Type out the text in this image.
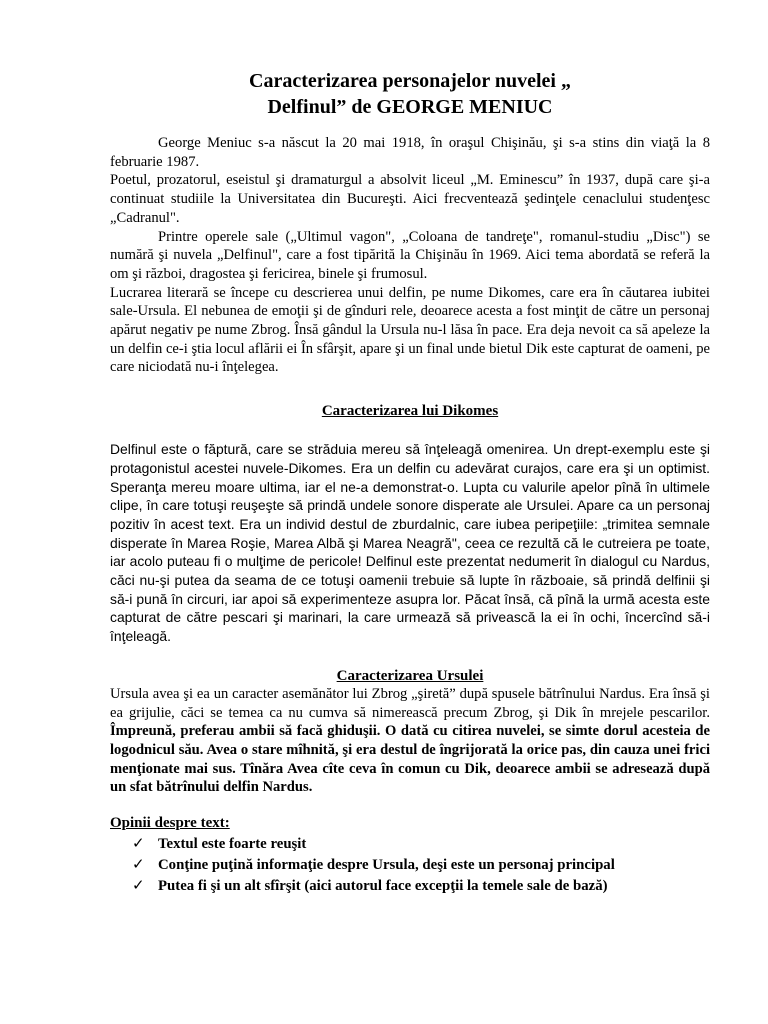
Caracterizarea personajelor nuvelei „
Delfinul” de GEORGE MENIUC

George Meniuc s-a născut la 20 mai 1918, în oraşul Chişinău, şi s-a stins din viaţă la 8 februarie 1987.

Poetul, prozatorul, eseistul şi dramaturgul a absolvit liceul „M. Eminescu” în 1937, după care şi-a continuat studiile la Universitatea din Bucureşti. Aici frecventează şedinţele cenaclului studenţesc „Cadranul".

Printre operele sale („Ultimul vagon", „Coloana de tandreţe", romanul-studiu „Disc") se numără şi nuvela „Delfinul", care a fost tipărită la Chişinău în 1969. Aici tema abordată se referă la om şi război, dragostea şi fericirea, binele şi frumosul.

Lucrarea literară se începe cu descrierea unui delfin, pe nume Dikomes, care era în căutarea iubitei sale-Ursula. El nebunea de emoţii şi de gînduri rele, deoarece acesta a fost minţit de către un personaj apărut negativ pe nume Zbrog. Însă gândul la Ursula nu-l lăsa în pace. Era deja nevoit ca să apeleze la un delfin ce-i ştia locul aflării ei În sfârşit, apare şi un final unde bietul Dik este capturat de oameni, pe care niciodată nu-i înţelegea.

Caracterizarea lui Dikomes

Delfinul este o făptură, care se străduia mereu să înţeleagă omenirea. Un drept-exemplu este şi protagonistul acestei nuvele-Dikomes. Era un delfin cu adevărat curajos, care era şi un optimist. Speranţa mereu moare ultima, iar el ne-a demonstrat-o. Lupta cu valurile apelor pînă în ultimele clipe, în care totuşi reuşeşte să prindă undele sonore disperate ale Ursulei. Apare ca un personaj pozitiv în acest text. Era un individ destul de zburdalnic, care iubea peripeţiile: „trimitea semnale disperate în Marea Roşie, Marea Albă şi Marea Neagră", ceea ce rezultă că le cutreiera pe toate, iar acolo puteau fi o mulţime de pericole! Delfinul este prezentat nedumerit în dialogul cu Nardus, căci nu-şi putea da seama de ce totuşi oamenii trebuie să lupte în războaie, să prindă delfinii şi să-i pună în circuri, iar apoi să experimenteze asupra lor. Păcat însă, că pînă la urmă acesta este capturat de către pescari şi marinari, la care urmează să privească la ei în ochi, încercînd să-i înţeleagă.

Caracterizarea Ursulei

Ursula avea şi ea un caracter asemănător lui Zbrog „şiretă” după spusele bătrînului Nardus. Era însă şi ea grijulie, căci se temea ca nu cumva să nimerească precum Zbrog, şi Dik în mrejele pescarilor. Împreună, preferau ambii să facă ghiduşii. O dată cu citirea nuvelei, se simte dorul acesteia de logodnicul său. Avea o stare mîhnită, şi era destul de îngrijorată la orice pas, din cauza unei frici menţionate mai sus. Tînăra Avea cîte ceva în comun cu Dik, deoarece ambii se adresează după un sfat bătrînului delfin Nardus.

Opinii despre text:
✓ Textul este foarte reuşit
✓ Conţine puţină informaţie despre Ursula, deşi este un personaj principal
✓ Putea fi şi un alt sfîrşit (aici autorul face excepţii la temele sale de bază)
